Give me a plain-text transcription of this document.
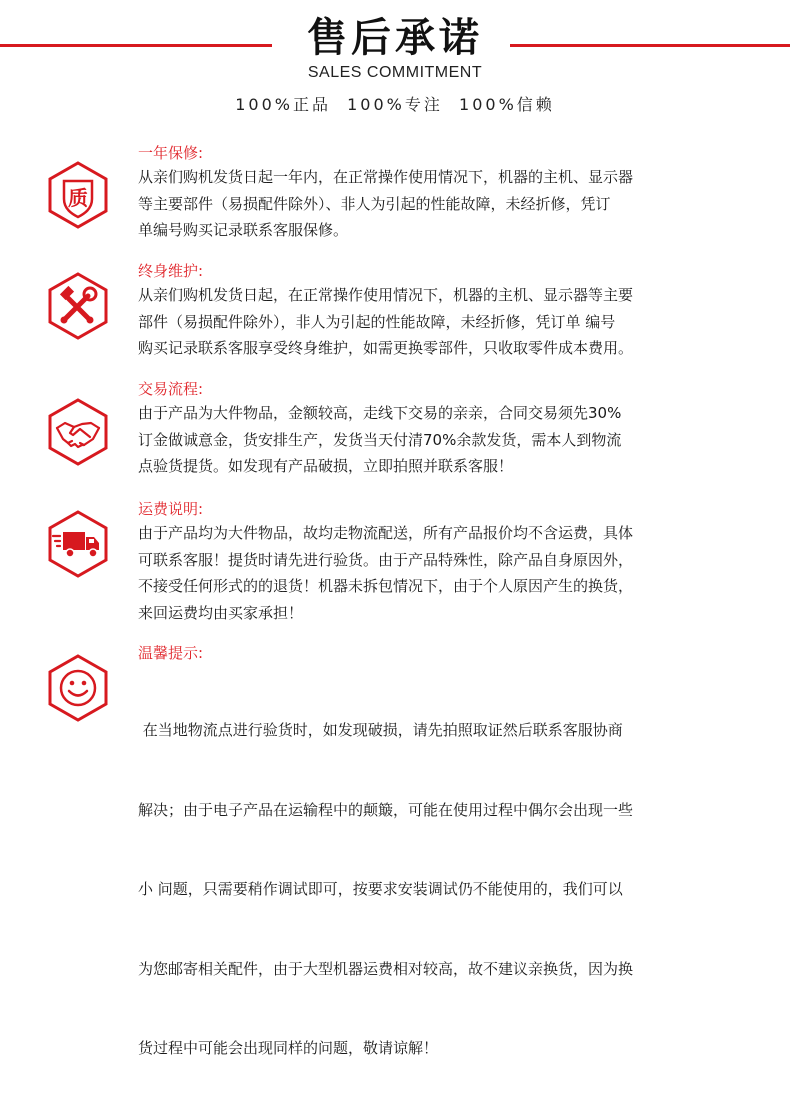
售后承诺
SALES COMMITMENT
100%正品  100%专注  100%信赖
质
一年保修:
从亲们购机发货日起一年内，在正常操作使用情况下，机器的主机、显示器
等主要部件（易损配件除外）、非人为引起的性能故障，未经折修，凭订
单编号购买记录联系客服保修。
终身维护:
从亲们购机发货日起，在正常操作使用情况下，机器的主机、显示器等主要
部件（易损配件除外），非人为引起的性能故障，未经折修，凭订单 编号
购买记录联系客服享受终身维护，如需更换零部件，只收取零件成本费用。
交易流程:
由于产品为大件物品，金额较高，走线下交易的亲亲，合同交易须先30%
订金做诚意金，货安排生产，发货当天付清70%余款发货，需本人到物流
点验货提货。如发现有产品破损，立即拍照并联系客服！
运费说明:
由于产品均为大件物品，故均走物流配送，所有产品报价均不含运费，具体
可联系客服！提货时请先进行验货。由于产品特殊性，除产品自身原因外，
不接受任何形式的的退货！机器未拆包情况下，由于个人原因产生的换货，
来回运费均由买家承担！
温馨提示:

在当地物流点进行验货时，如发现破损，请先拍照取证然后联系客服协商

解决；由于电子产品在运输程中的颠簸，可能在使用过程中偶尔会出现一些

小 问题，只需要稍作调试即可，按要求安装调试仍不能使用的，我们可以

为您邮寄相关配件，由于大型机器运费相对较高，故不建议亲换货，因为换

货过程中可能会出现同样的问题，敬请谅解！
